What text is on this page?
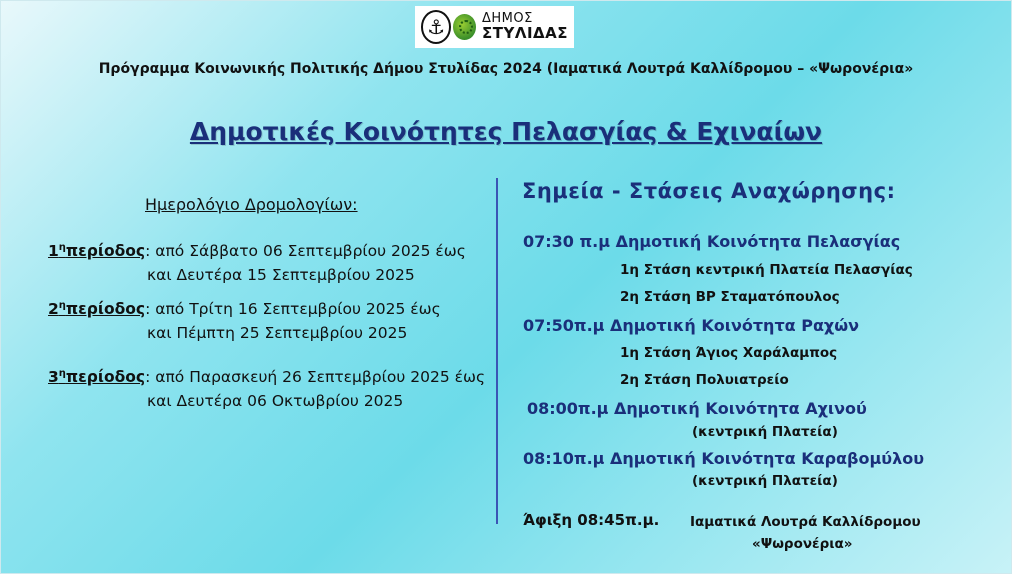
⚓	ΔΗΜΟΣ
ΣΤΥΛΙΔΑΣ
Πρόγραμμα Κοινωνικής Πολιτικής Δήμου Στυλίδας 2024 (Ιαματικά Λουτρά Καλλίδρομου – «Ψωρονέρια»
Δημοτικές Κοινότητες Πελασγίας & Εχιναίων
Ημερολόγιο Δρομολογίων:
$1^\eta\pi\varepsilon\rho ίo\delta o\varsigma$: από Σάββατο 06 Σεπτεμβρίου 2025 έως
και Δευτέρα 15 Σεπτεμβρίου 2025
$2^\eta\pi\varepsilon\rho ίo\delta o\varsigma$: από Τρίτη 16 Σεπτεμβρίου 2025 έως
και Πέμπτη 25 Σεπτεμβρίου 2025
$3^\eta\pi\varepsilon\rho ίo\delta o\varsigma$: από Παρασκευή 26 Σεπτεμβρίου 2025 έως
και Δευτέρα 06 Οκτωβρίου 2025
Σημεία - Στάσεις Αναχώρησης:
07:30 π.μ Δημοτική Κοινότητα Πελασγίας
1η Στάση κεντρική Πλατεία Πελασγίας
2η Στάση ΒΡ Σταματόπουλος
07:50π.μ Δημοτική Κοινότητα Ραχών
1η Στάση Άγιος Χαράλαμπος
2η Στάση Πολυιατρείο
08:00π.μ Δημοτική Κοινότητα Αχινού
(κεντρική Πλατεία)
08:10π.μ Δημοτική Κοινότητα Καραβομύλου
(κεντρική Πλατεία)
Άφιξη 08:45π.μ. Ιαματικά Λουτρά Καλλίδρομου
«Ψωρονέρια»
